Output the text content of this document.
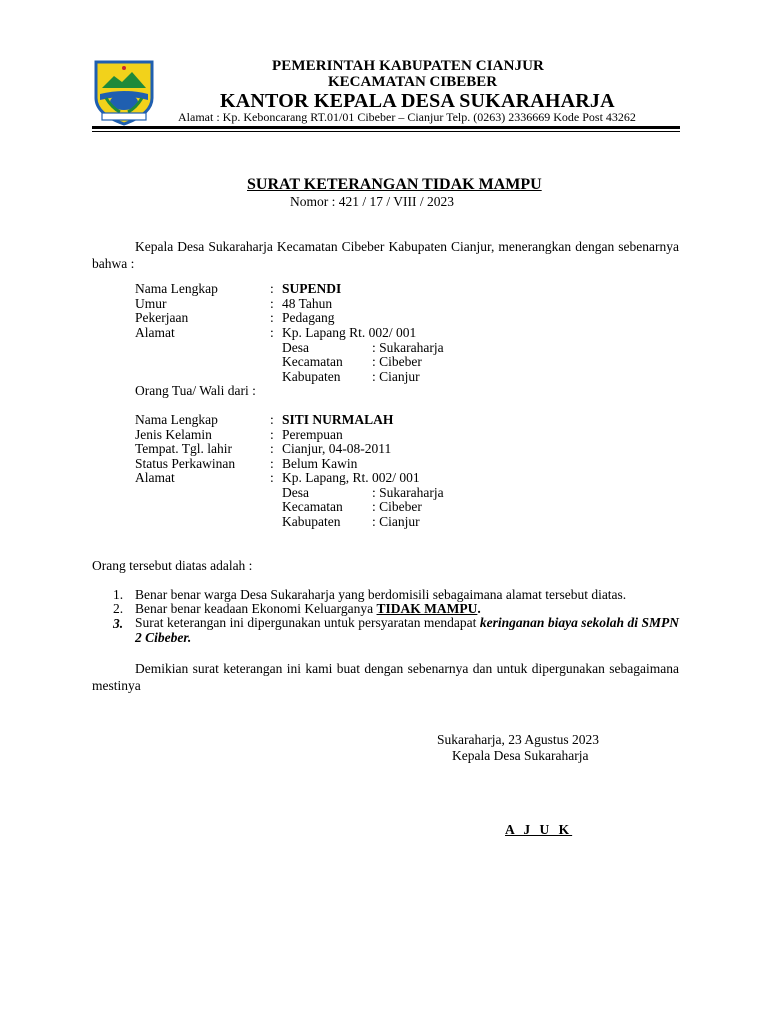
PEMERINTAH KABUPATEN CIANJUR
KECAMATAN CIBEBER
KANTOR KEPALA DESA SUKARAHARJA
Alamat : Kp. Keboncarang RT.01/01 Cibeber – Cianjur Telp. (0263) 2336669 Kode Post 43262
SURAT KETERANGAN TIDAK MAMPU
Nomor : 421 / 17 / VIII / 2023
Kepala Desa Sukaraharja Kecamatan Cibeber Kabupaten Cianjur, menerangkan dengan sebenarnya bahwa :
Nama Lengkap	: SUPENDI
Umur	: 48 Tahun
Pekerjaan	: Pedagang
Alamat	: Kp. Lapang Rt. 002/ 001
Desa	: Sukaraharja
Kecamatan : Cibeber
Kabupaten : Cianjur
Orang Tua/ Wali dari :
Nama Lengkap	: SITI NURMALAH
Jenis Kelamin	: Perempuan
Tempat. Tgl. lahir	: Cianjur, 04-08-2011
Status Perkawinan	: Belum Kawin
Alamat	: Kp. Lapang, Rt. 002/ 001
Desa	: Sukaraharja
Kecamatan : Cibeber
Kabupaten : Cianjur
Orang tersebut diatas adalah :
1. Benar benar warga Desa Sukaraharja yang berdomisili sebagaimana alamat tersebut diatas.
2. Benar benar keadaan Ekonomi Keluarganya TIDAK MAMPU.
3. Surat keterangan ini dipergunakan untuk persyaratan mendapat keringanan biaya sekolah di SMPN 2 Cibeber.
Demikian surat keterangan ini kami buat dengan sebenarnya dan untuk dipergunakan sebagaimana mestinya
Sukaraharja, 23 Agustus 2023
Kepala Desa Sukaraharja
A J U K
